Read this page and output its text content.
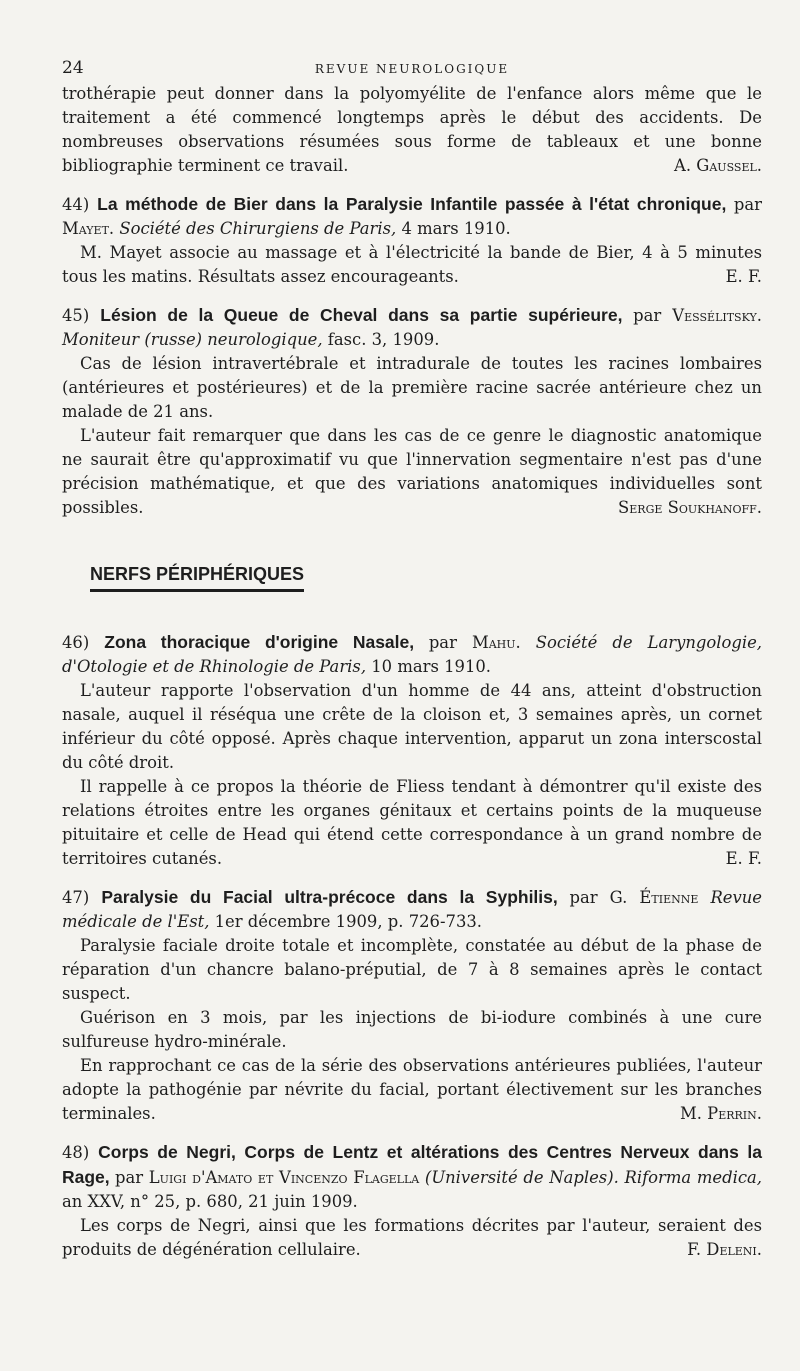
24	REVUE NEUROLOGIQUE

trothérapie peut donner dans la polyomyélite de l'enfance alors même que le traitement a été commencé longtemps après le début des accidents. De nombreuses observations résumées sous forme de tableaux et une bonne bibliographie terminent ce travail.	A. Gaussel.

44) La méthode de Bier dans la Paralysie Infantile passée à l'état chronique, par Mayet. Société des Chirurgiens de Paris, 4 mars 1910.

M. Mayet associe au massage et à l'électricité la bande de Bier, 4 à 5 minutes tous les matins. Résultats assez encourageants.	E. F.

45) Lésion de la Queue de Cheval dans sa partie supérieure, par Vessélitsky. Moniteur (russe) neurologique, fasc. 3, 1909.

Cas de lésion intravertébrale et intradurale de toutes les racines lombaires (antérieures et postérieures) et de la première racine sacrée antérieure chez un malade de 21 ans.

L'auteur fait remarquer que dans les cas de ce genre le diagnostic anatomique ne saurait être qu'approximatif vu que l'innervation segmentaire n'est pas d'une précision mathématique, et que des variations anatomiques individuelles sont possibles.	Serge Soukhanoff.

NERFS PÉRIPHÉRIQUES
46) Zona thoracique d'origine Nasale, par Mahu. Société de Laryngologie, d'Otologie et de Rhinologie de Paris, 10 mars 1910.

L'auteur rapporte l'observation d'un homme de 44 ans, atteint d'obstruction nasale, auquel il réséqua une crête de la cloison et, 3 semaines après, un cornet inférieur du côté opposé. Après chaque intervention, apparut un zona interscostal du côté droit.

Il rappelle à ce propos la théorie de Fliess tendant à démontrer qu'il existe des relations étroites entre les organes génitaux et certains points de la muqueuse pituitaire et celle de Head qui étend cette correspondance à un grand nombre de territoires cutanés.	E. F.

47) Paralysie du Facial ultra-précoce dans la Syphilis, par G. Étienne Revue médicale de l'Est, 1er décembre 1909, p. 726-733.

Paralysie faciale droite totale et incomplète, constatée au début de la phase de réparation d'un chancre balano-préputial, de 7 à 8 semaines après le contact suspect.

Guérison en 3 mois, par les injections de bi-iodure combinés à une cure sulfureuse hydro-minérale.

En rapprochant ce cas de la série des observations antérieures publiées, l'auteur adopte la pathogénie par névrite du facial, portant électivement sur les branches terminales.	M. Perrin.

48) Corps de Negri, Corps de Lentz et altérations des Centres Nerveux dans la Rage, par Luigi d'Amato et Vincenzo Flagella (Université de Naples). Riforma medica, an XXV, n° 25, p. 680, 21 juin 1909.

Les corps de Negri, ainsi que les formations décrites par l'auteur, seraient des produits de dégénération cellulaire.	F. Deleni.
